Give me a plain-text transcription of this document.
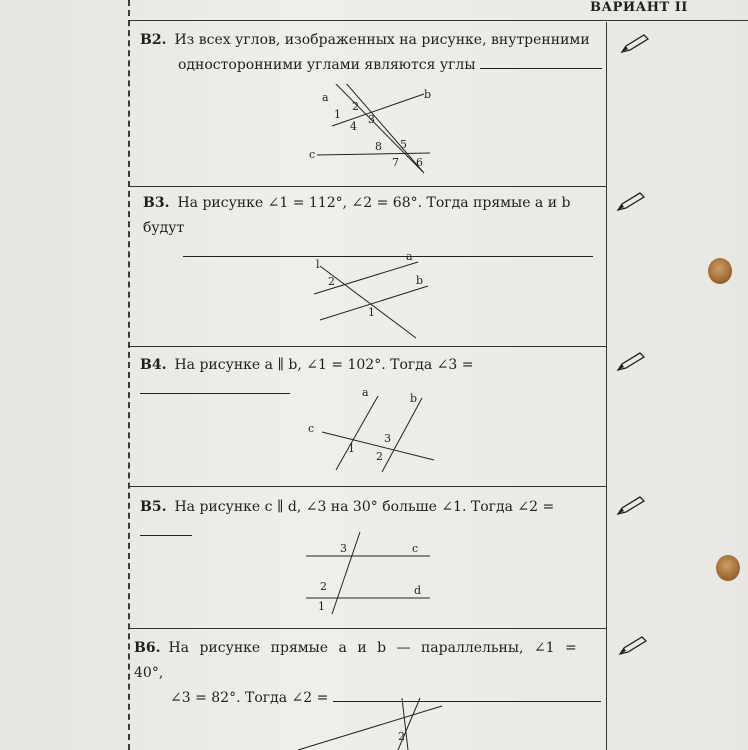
ВАРИАНТ II
B2. Из всех углов, изображенных на рисунке, внутренними
односторонними углами являются углы
a	b
c
1
2
3
4
5
6
7
8
B3. На рисунке ∠1 = 112°, ∠2 = 68°. Тогда прямые a и b будут
l
a
b
2
1
B4. На рисунке a ∥ b, ∠1 = 102°. Тогда ∠3 =
a	b
c
1
3
2
B5. На рисунке c ∥ d, ∠3 на 30° больше ∠1. Тогда ∠2 =
3	c
2	d
1
B6. На рисунке прямые a и b — параллельны, ∠1 = 40°,
∠3 = 82°. Тогда ∠2 =
2
